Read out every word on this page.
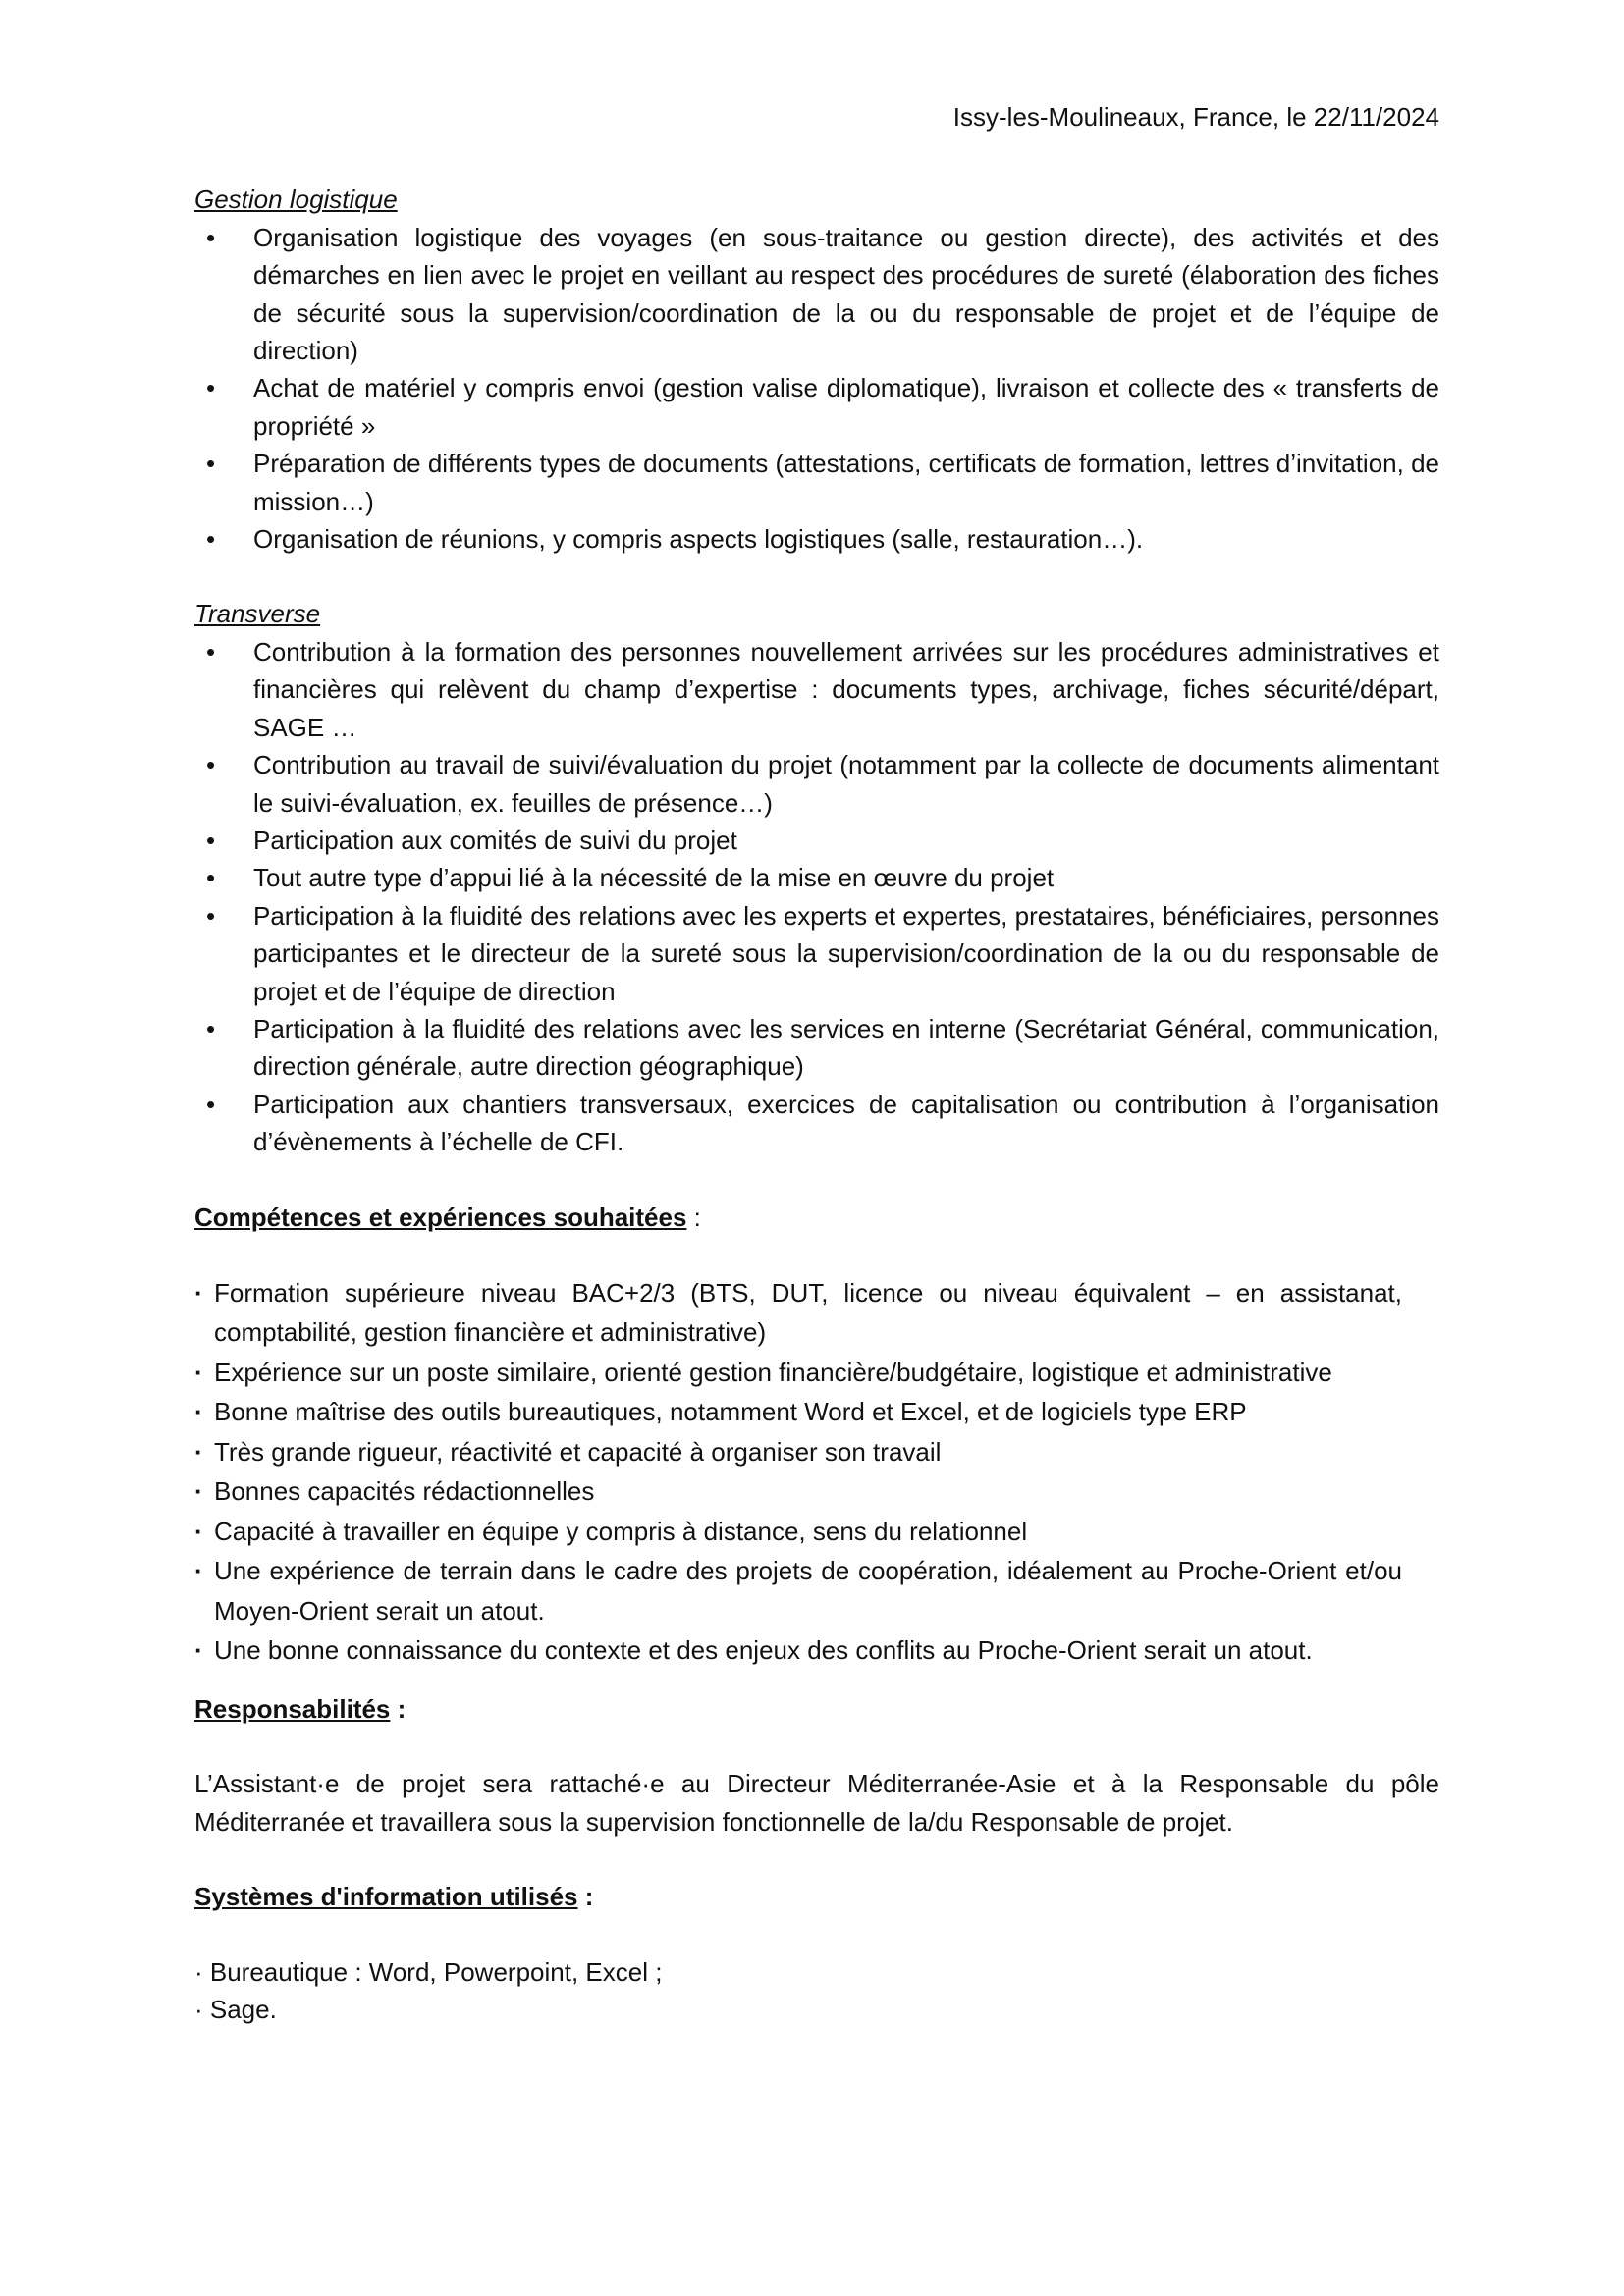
Issy-les-Moulineaux, France, le 22/11/2024

Gestion logistique

• Organisation logistique des voyages (en sous-traitance ou gestion directe), des activités et des démarches en lien avec le projet en veillant au respect des procédures de sureté (élaboration des fiches de sécurité sous la supervision/coordination de la ou du responsable de projet et de l’équipe de direction)
• Achat de matériel y compris envoi (gestion valise diplomatique), livraison et collecte des « transferts de propriété »
• Préparation de différents types de documents (attestations, certificats de formation, lettres d’invitation, de mission…)
• Organisation de réunions, y compris aspects logistiques (salle, restauration…).

Transverse

• Contribution à la formation des personnes nouvellement arrivées sur les procédures administratives et financières qui relèvent du champ d’expertise : documents types, archivage, fiches sécurité/départ, SAGE …
• Contribution au travail de suivi/évaluation du projet (notamment par la collecte de documents alimentant le suivi-évaluation, ex. feuilles de présence…)
• Participation aux comités de suivi du projet
• Tout autre type d’appui lié à la nécessité de la mise en œuvre du projet
• Participation à la fluidité des relations avec les experts et expertes, prestataires, bénéficiaires, personnes participantes et le directeur de la sureté sous la supervision/coordination de la ou du responsable de projet et de l’équipe de direction
• Participation à la fluidité des relations avec les services en interne (Secrétariat Général, communication, direction générale, autre direction géographique)
• Participation aux chantiers transversaux, exercices de capitalisation ou contribution à l’organisation d’évènements à l’échelle de CFI.

Compétences et expériences souhaitées :

· Formation supérieure niveau BAC+2/3 (BTS, DUT, licence ou niveau équivalent – en assistanat, comptabilité, gestion financière et administrative)
· Expérience sur un poste similaire, orienté gestion financière/budgétaire, logistique et administrative
· Bonne maîtrise des outils bureautiques, notamment Word et Excel, et de logiciels type ERP
· Très grande rigueur, réactivité et capacité à organiser son travail
· Bonnes capacités rédactionnelles
· Capacité à travailler en équipe y compris à distance, sens du relationnel
· Une expérience de terrain dans le cadre des projets de coopération, idéalement au Proche-Orient et/ou Moyen-Orient serait un atout.
· Une bonne connaissance du contexte et des enjeux des conflits au Proche-Orient serait un atout.

Responsabilités :

L’Assistant·e de projet sera rattaché·e au Directeur Méditerranée-Asie et à la Responsable du pôle Méditerranée et travaillera sous la supervision fonctionnelle de la/du Responsable de projet.

Systèmes d'information utilisés :

· Bureautique : Word, Powerpoint, Excel ;
· Sage.
